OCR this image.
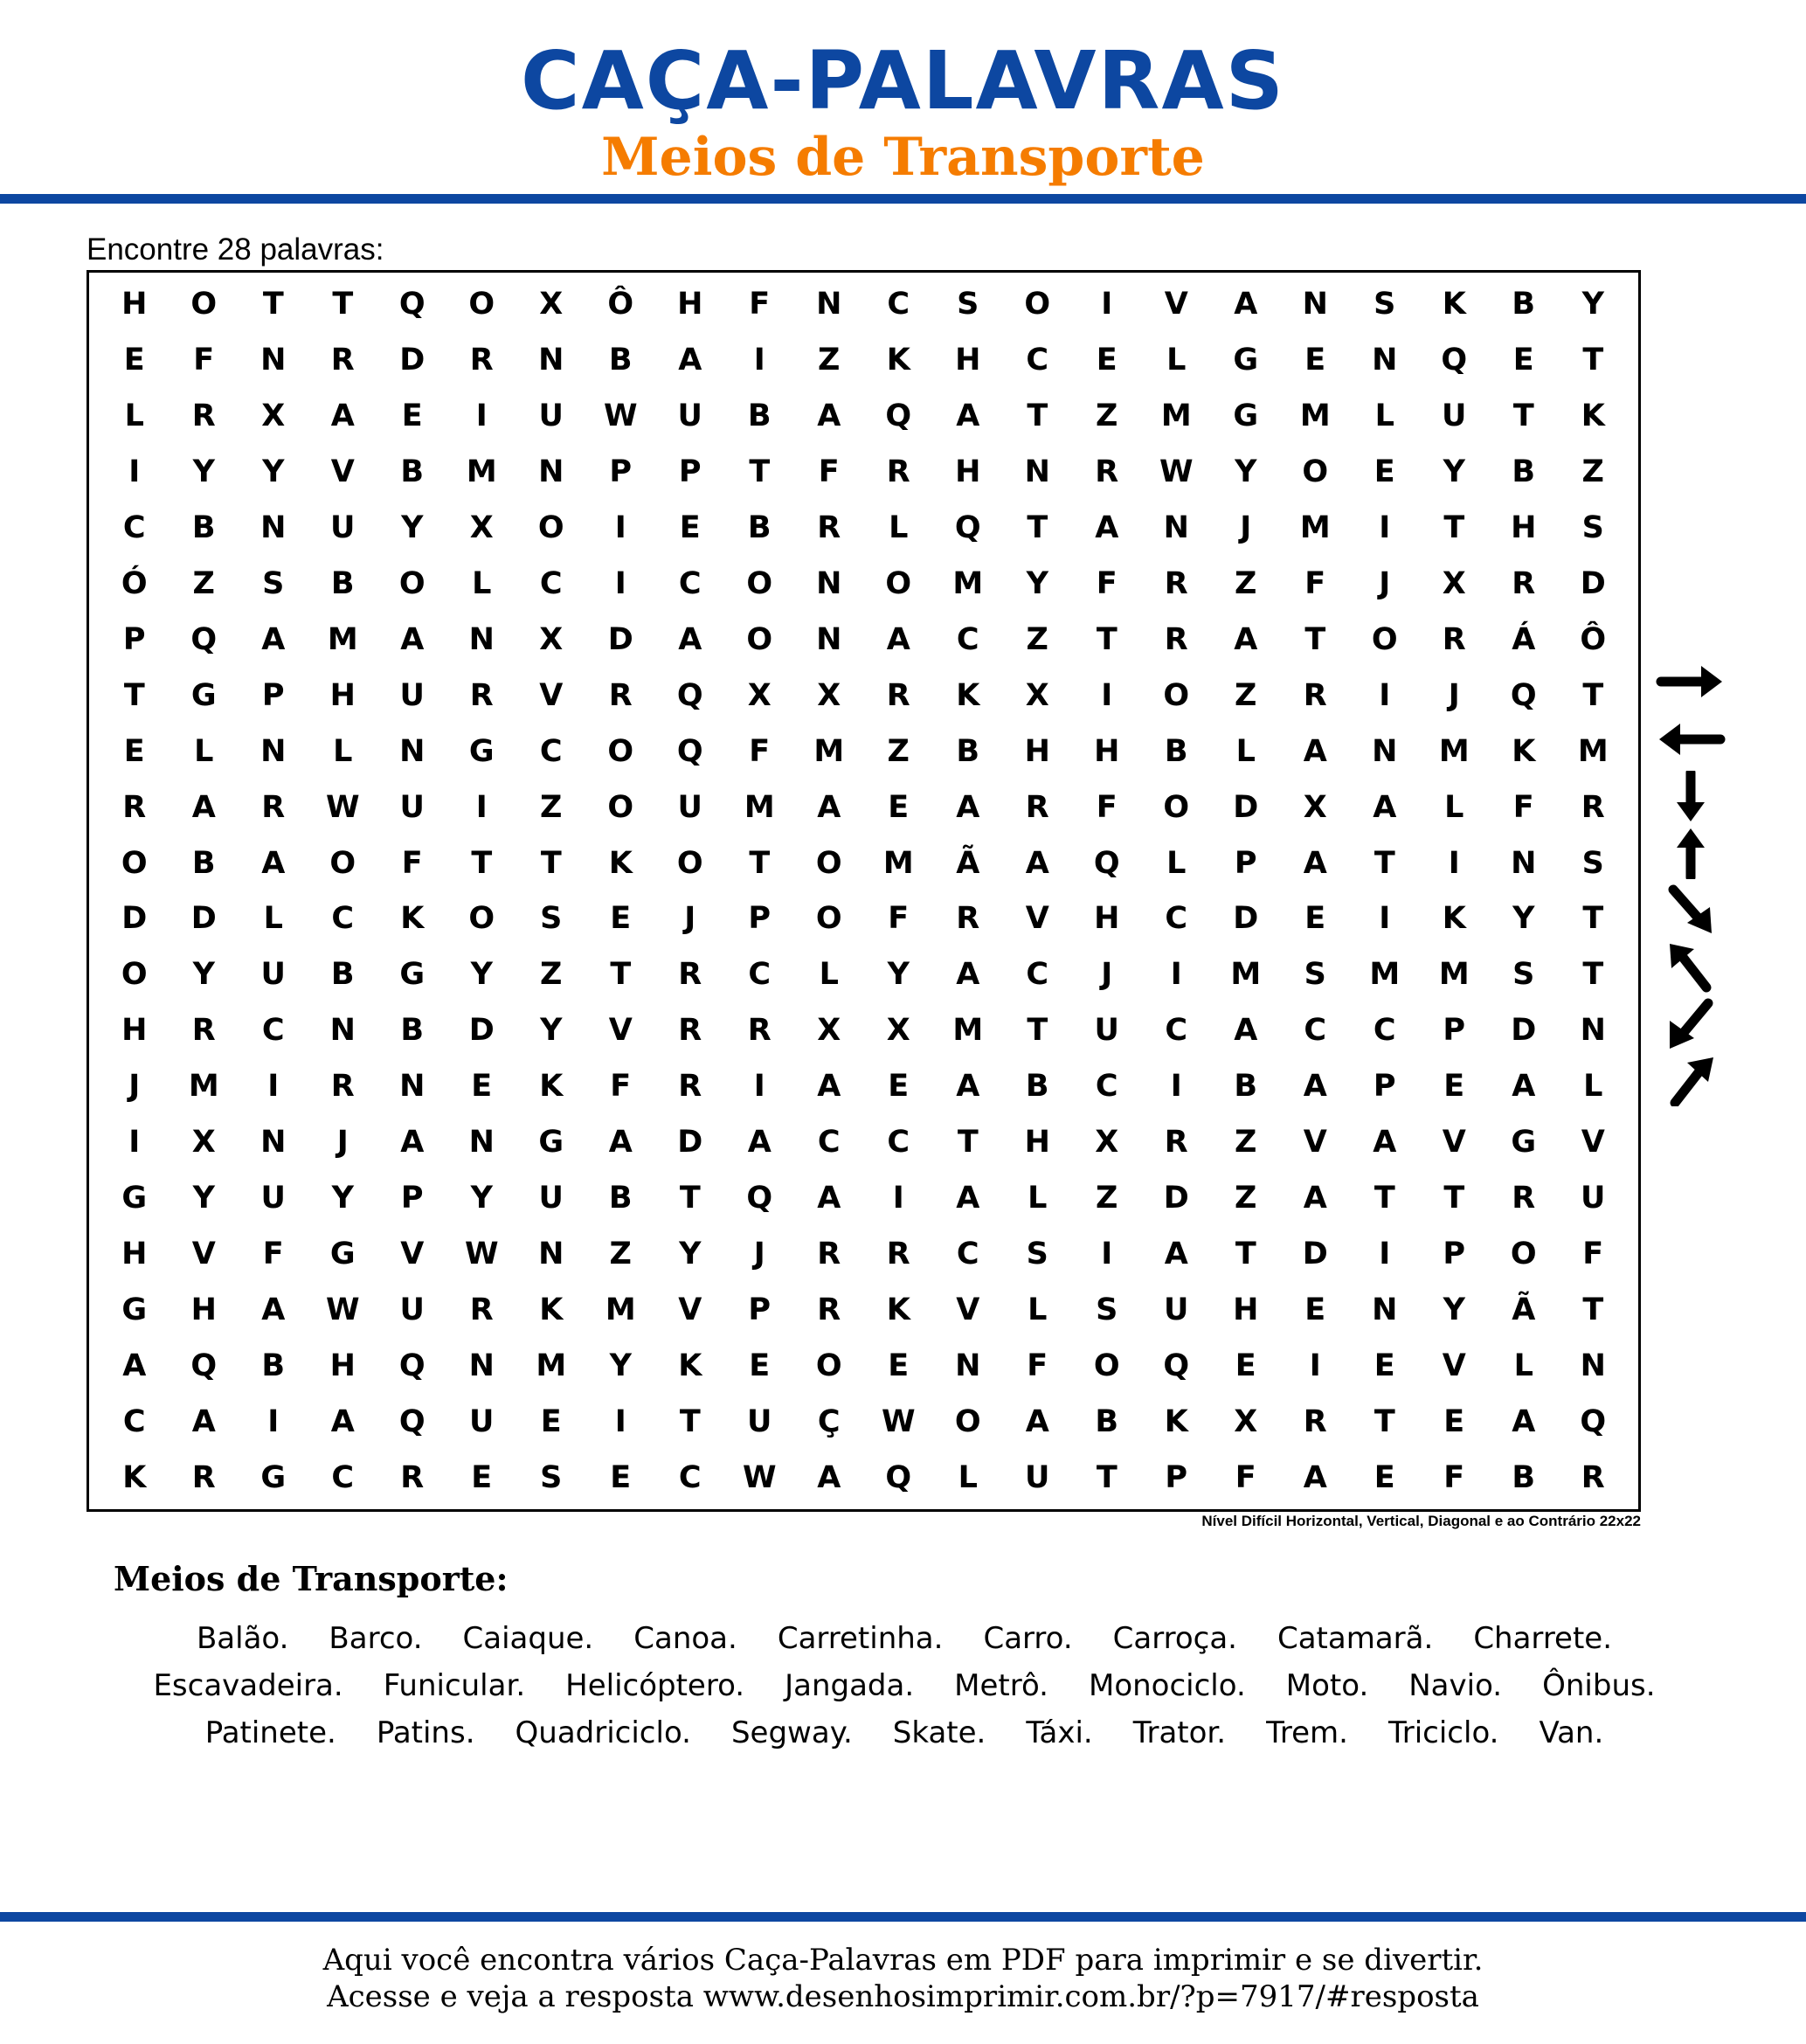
CAÇA-PALAVRAS
Meios de Transporte
Encontre 28 palavras:
H	O	T	T	Q	O	X	Ô	H	F	N	C	S	O	I	V	A	N	S	K	B	Y
E	F	N	R	D	R	N	B	A	I	Z	K	H	C	E	L	G	E	N	Q	E	T
L	R	X	A	E	I	U	W	U	B	A	Q	A	T	Z	M	G	M	L	U	T	K
I	Y	Y	V	B	M	N	P	P	T	F	R	H	N	R	W	Y	O	E	Y	B	Z
C	B	N	U	Y	X	O	I	E	B	R	L	Q	T	A	N	J	M	I	T	H	S
Ó	Z	S	B	O	L	C	I	C	O	N	O	M	Y	F	R	Z	F	J	X	R	D
P	Q	A	M	A	N	X	D	A	O	N	A	C	Z	T	R	A	T	O	R	Á	Ô
T	G	P	H	U	R	V	R	Q	X	X	R	K	X	I	O	Z	R	I	J	Q	T
E	L	N	L	N	G	C	O	Q	F	M	Z	B	H	H	B	L	A	N	M	K	M
R	A	R	W	U	I	Z	O	U	M	A	E	A	R	F	O	D	X	A	L	F	R
O	B	A	O	F	T	T	K	O	T	O	M	Ã	A	Q	L	P	A	T	I	N	S
D	D	L	C	K	O	S	E	J	P	O	F	R	V	H	C	D	E	I	K	Y	T
O	Y	U	B	G	Y	Z	T	R	C	L	Y	A	C	J	I	M	S	M	M	S	T
H	R	C	N	B	D	Y	V	R	R	X	X	M	T	U	C	A	C	C	P	D	N
J	M	I	R	N	E	K	F	R	I	A	E	A	B	C	I	B	A	P	E	A	L
I	X	N	J	A	N	G	A	D	A	C	C	T	H	X	R	Z	V	A	V	G	V
G	Y	U	Y	P	Y	U	B	T	Q	A	I	A	L	Z	D	Z	A	T	T	R	U
H	V	F	G	V	W	N	Z	Y	J	R	R	C	S	I	A	T	D	I	P	O	F
G	H	A	W	U	R	K	M	V	P	R	K	V	L	S	U	H	E	N	Y	Ã	T
A	Q	B	H	Q	N	M	Y	K	E	O	E	N	F	O	Q	E	I	E	V	L	N
C	A	I	A	Q	U	E	I	T	U	Ç	W	O	A	B	K	X	R	T	E	A	Q
K	R	G	C	R	E	S	E	C	W	A	Q	L	U	T	P	F	A	E	F	B	R
Nível Difícil Horizontal, Vertical, Diagonal e ao Contrário 22x22
Meios de Transporte:
Balão. Barco. Caiaque. Canoa. Carretinha. Carro. Carroça. Catamarã. Charrete.
Escavadeira. Funicular. Helicóptero. Jangada. Metrô. Monociclo. Moto. Navio. Ônibus.
Patinete. Patins. Quadriciclo. Segway. Skate. Táxi. Trator. Trem. Triciclo. Van.
Aqui você encontra vários Caça-Palavras em PDF para imprimir e se divertir.
Acesse e veja a resposta www.desenhosimprimir.com.br/?p=7917/#resposta
